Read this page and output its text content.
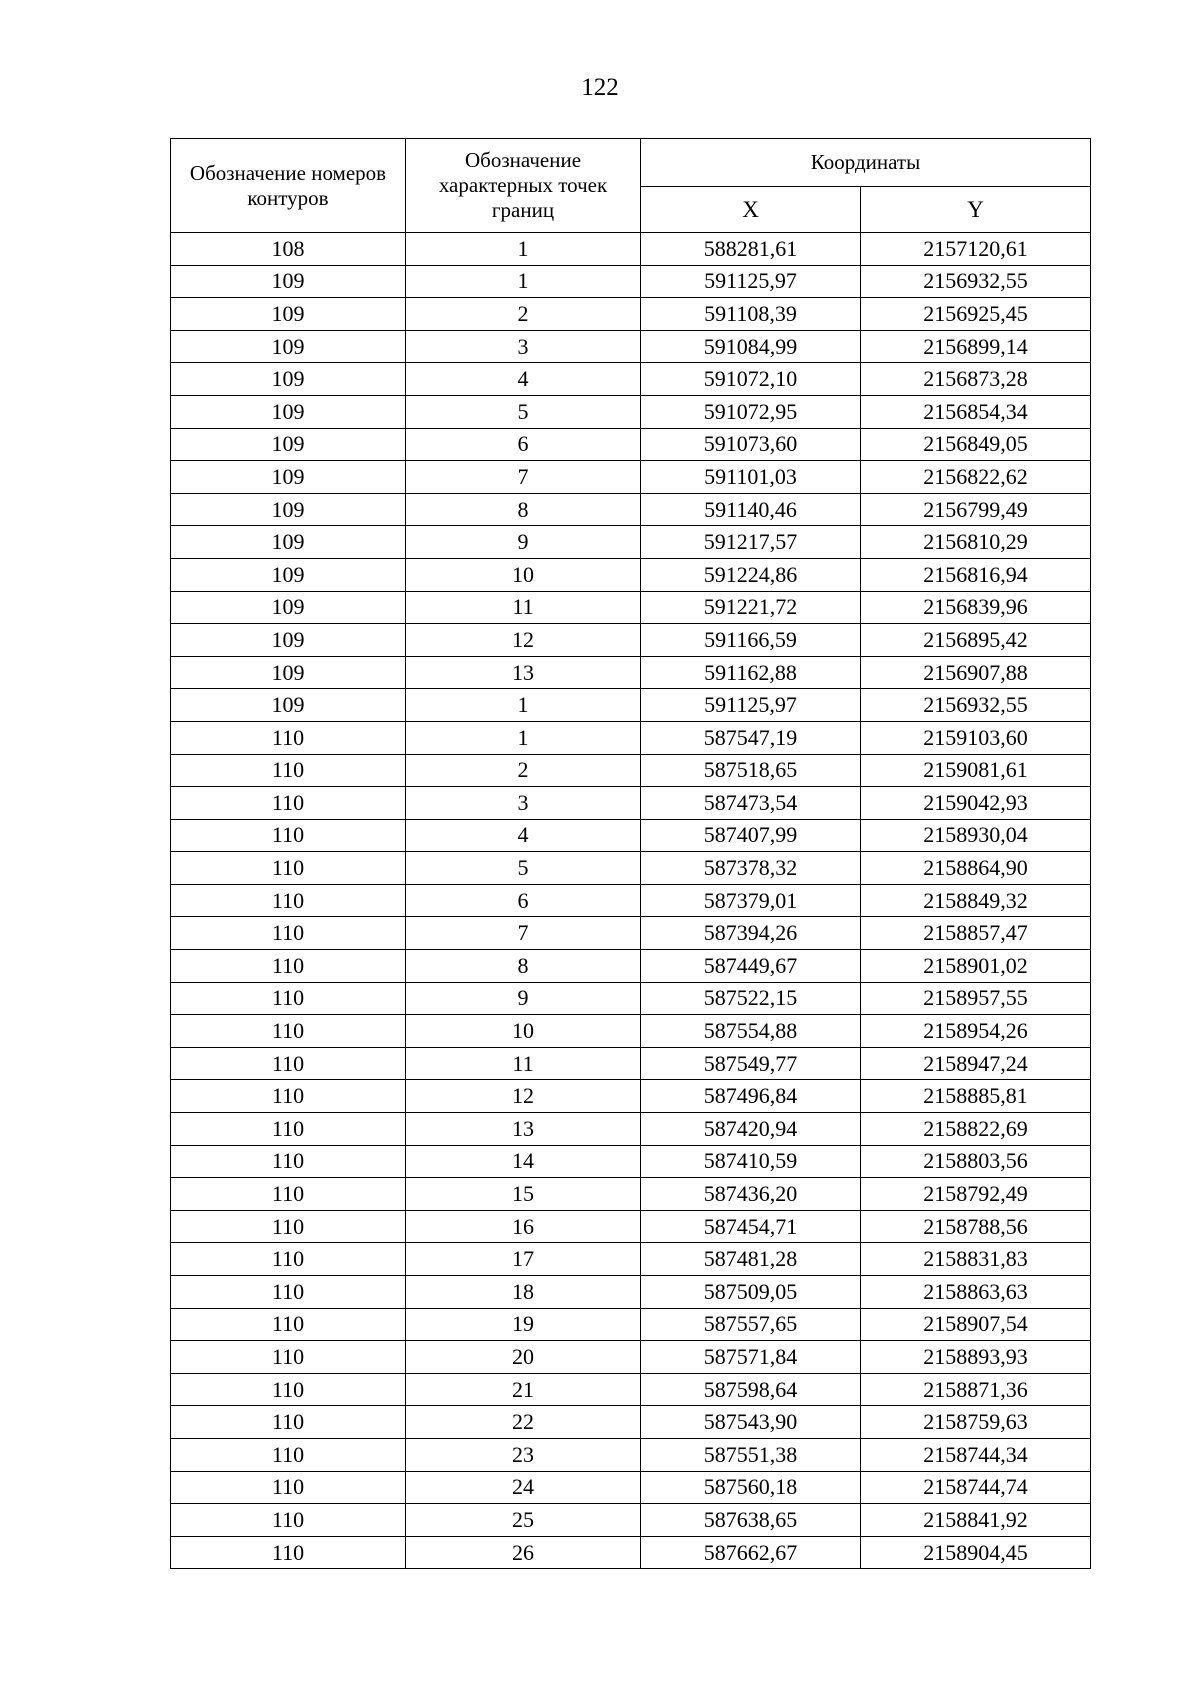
122
Обозначение номеров контуров	Обозначение характерных точек границ	Координаты	
		X	Y
108	1	588281,61	2157120,61
109	1	591125,97	2156932,55
109	2	591108,39	2156925,45
109	3	591084,99	2156899,14
109	4	591072,10	2156873,28
109	5	591072,95	2156854,34
109	6	591073,60	2156849,05
109	7	591101,03	2156822,62
109	8	591140,46	2156799,49
109	9	591217,57	2156810,29
109	10	591224,86	2156816,94
109	11	591221,72	2156839,96
109	12	591166,59	2156895,42
109	13	591162,88	2156907,88
109	1	591125,97	2156932,55
110	1	587547,19	2159103,60
110	2	587518,65	2159081,61
110	3	587473,54	2159042,93
110	4	587407,99	2158930,04
110	5	587378,32	2158864,90
110	6	587379,01	2158849,32
110	7	587394,26	2158857,47
110	8	587449,67	2158901,02
110	9	587522,15	2158957,55
110	10	587554,88	2158954,26
110	11	587549,77	2158947,24
110	12	587496,84	2158885,81
110	13	587420,94	2158822,69
110	14	587410,59	2158803,56
110	15	587436,20	2158792,49
110	16	587454,71	2158788,56
110	17	587481,28	2158831,83
110	18	587509,05	2158863,63
110	19	587557,65	2158907,54
110	20	587571,84	2158893,93
110	21	587598,64	2158871,36
110	22	587543,90	2158759,63
110	23	587551,38	2158744,34
110	24	587560,18	2158744,74
110	25	587638,65	2158841,92
110	26	587662,67	2158904,45
